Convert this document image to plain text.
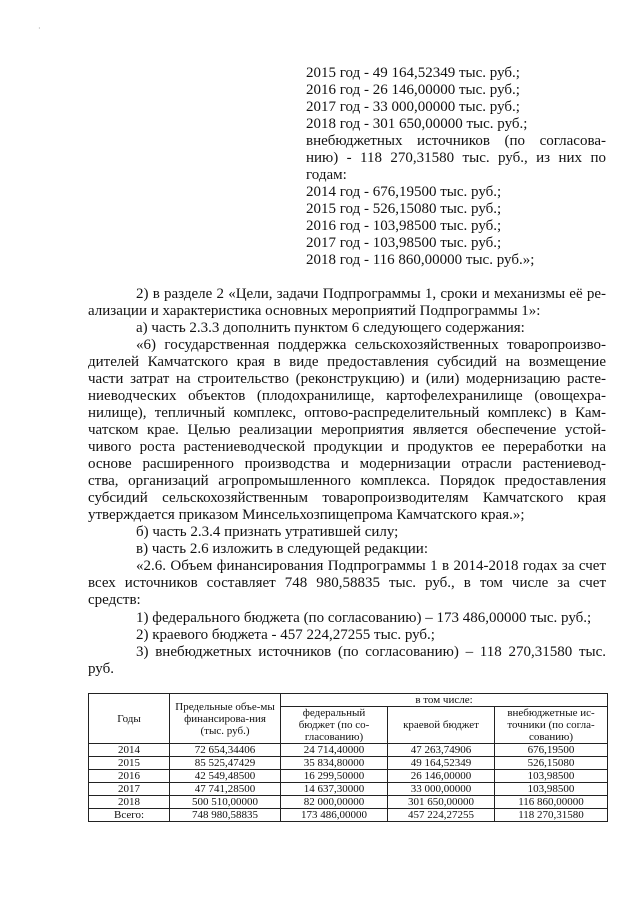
·
2015 год - 49 164,52349 тыс. руб.;
2016 год - 26 146,00000 тыс. руб.;
2017 год - 33 000,00000 тыс. руб.;
2018 год - 301 650,00000 тыс. руб.;
внебюджетных источников (по согласова-
нию) - 118 270,31580 тыс. руб., из них по
годам:
2014 год - 676,19500 тыс. руб.;
2015 год - 526,15080 тыс. руб.;
2016 год - 103,98500 тыс. руб.;
2017 год - 103,98500 тыс. руб.;
2018 год - 116 860,00000 тыс. руб.»;
2) в разделе 2 «Цели, задачи Подпрограммы 1, сроки и механизмы её ре-
ализации и характеристика основных мероприятий Подпрограммы 1»:
а) часть 2.3.3 дополнить пунктом 6 следующего содержания:
«6) государственная поддержка сельскохозяйственных товаропроизво-
дителей Камчатского края в виде предоставления субсидий на возмещение
части затрат на строительство (реконструкцию) и (или) модернизацию расте-
ниеводческих объектов (плодохранилище, картофелехранилище (овощехра-
нилище), тепличный комплекс, оптово-распределительный комплекс) в Кам-
чатском крае. Целью реализации мероприятия является обеспечение устой-
чивого роста растениеводческой продукции и продуктов ее переработки на
основе расширенного производства и модернизации отрасли растениевод-
ства, организаций агропромышленного комплекса. Порядок предоставления
субсидий сельскохозяйственным товаропроизводителям Камчатского края
утверждается приказом Минсельхозпищепрома Камчатского края.»;
б) часть 2.3.4 признать утратившей силу;
в) часть 2.6 изложить в следующей редакции:
«2.6. Объем финансирования Подпрограммы 1 в 2014-2018 годах за счет
всех источников составляет 748 980,58835 тыс. руб., в том числе за счет
средств:
1) федерального бюджета (по согласованию) – 173 486,00000 тыс. руб.;
2) краевого бюджета - 457 224,27255 тыс. руб.;
3) внебюджетных источников (по согласованию) – 118 270,31580 тыс.
руб.
Годы	Предельные объе-мы финансирова-ния (тыс. руб.)	в том числе:		
		федеральный бюджет (по со-гласованию)	краевой бюджет	внебюджетные ис-точники (по согла-сованию)
2014	72 654,34406	24 714,40000	47 263,74906	676,19500
2015	85 525,47429	35 834,80000	49 164,52349	526,15080
2016	42 549,48500	16 299,50000	26 146,00000	103,98500
2017	47 741,28500	14 637,30000	33 000,00000	103,98500
2018	500 510,00000	82 000,00000	301 650,00000	116 860,00000
Всего:	748 980,58835	173 486,00000	457 224,27255	118 270,31580
